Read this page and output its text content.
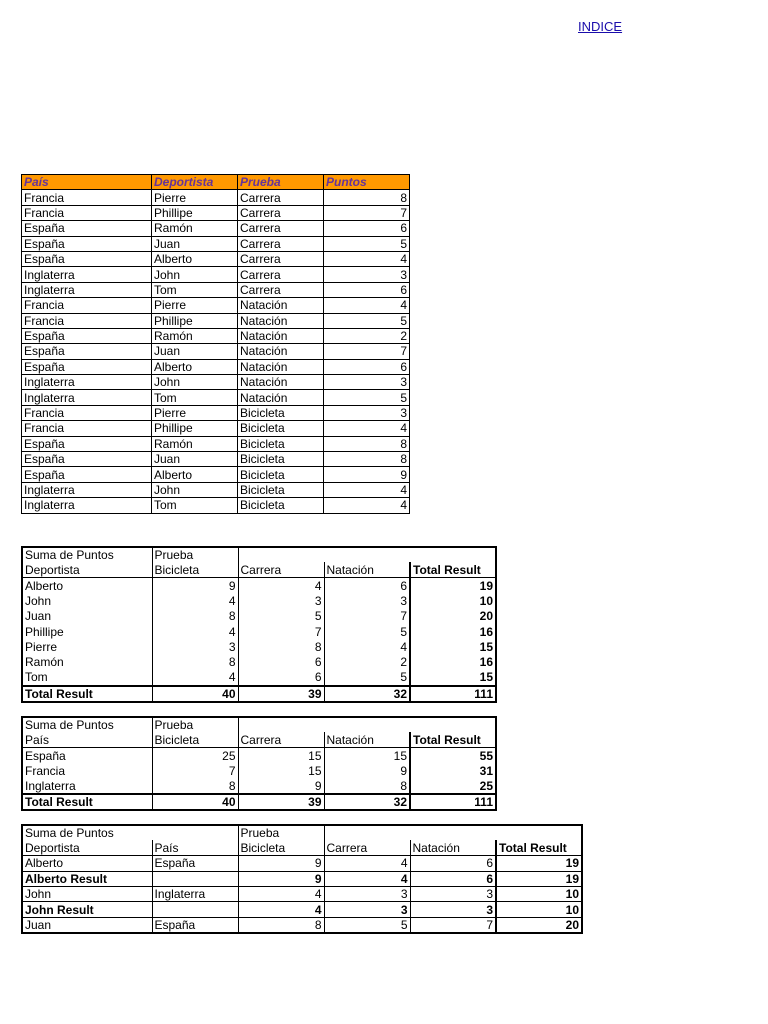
INDICE
País	Deportista	Prueba	Puntos
Francia	Pierre	Carrera	8
Francia	Phillipe	Carrera	7
España	Ramón	Carrera	6
España	Juan	Carrera	5
España	Alberto	Carrera	4
Inglaterra	John	Carrera	3
Inglaterra	Tom	Carrera	6
Francia	Pierre	Natación	4
Francia	Phillipe	Natación	5
España	Ramón	Natación	2
España	Juan	Natación	7
España	Alberto	Natación	6
Inglaterra	John	Natación	3
Inglaterra	Tom	Natación	5
Francia	Pierre	Bicicleta	3
Francia	Phillipe	Bicicleta	4
España	Ramón	Bicicleta	8
España	Juan	Bicicleta	8
España	Alberto	Bicicleta	9
Inglaterra	John	Bicicleta	4
Inglaterra	Tom	Bicicleta	4
Suma de Puntos	Prueba			
Deportista	Bicicleta	Carrera	Natación	Total Result
Alberto	9	4	6	19
John	4	3	3	10
Juan	8	5	7	20
Phillipe	4	7	5	16
Pierre	3	8	4	15
Ramón	8	6	2	16
Tom	4	6	5	15
Total Result	40	39	32	111
Suma de Puntos	Prueba			
País	Bicicleta	Carrera	Natación	Total Result
España	25	15	15	55
Francia	7	15	9	31
Inglaterra	8	9	8	25
Total Result	40	39	32	111
Suma de Puntos		Prueba			
Deportista	País	Bicicleta	Carrera	Natación	Total Result
Alberto	España	9	4	6	19
Alberto Result		9	4	6	19
John	Inglaterra	4	3	3	10
John Result		4	3	3	10
Juan	España	8	5	7	20
